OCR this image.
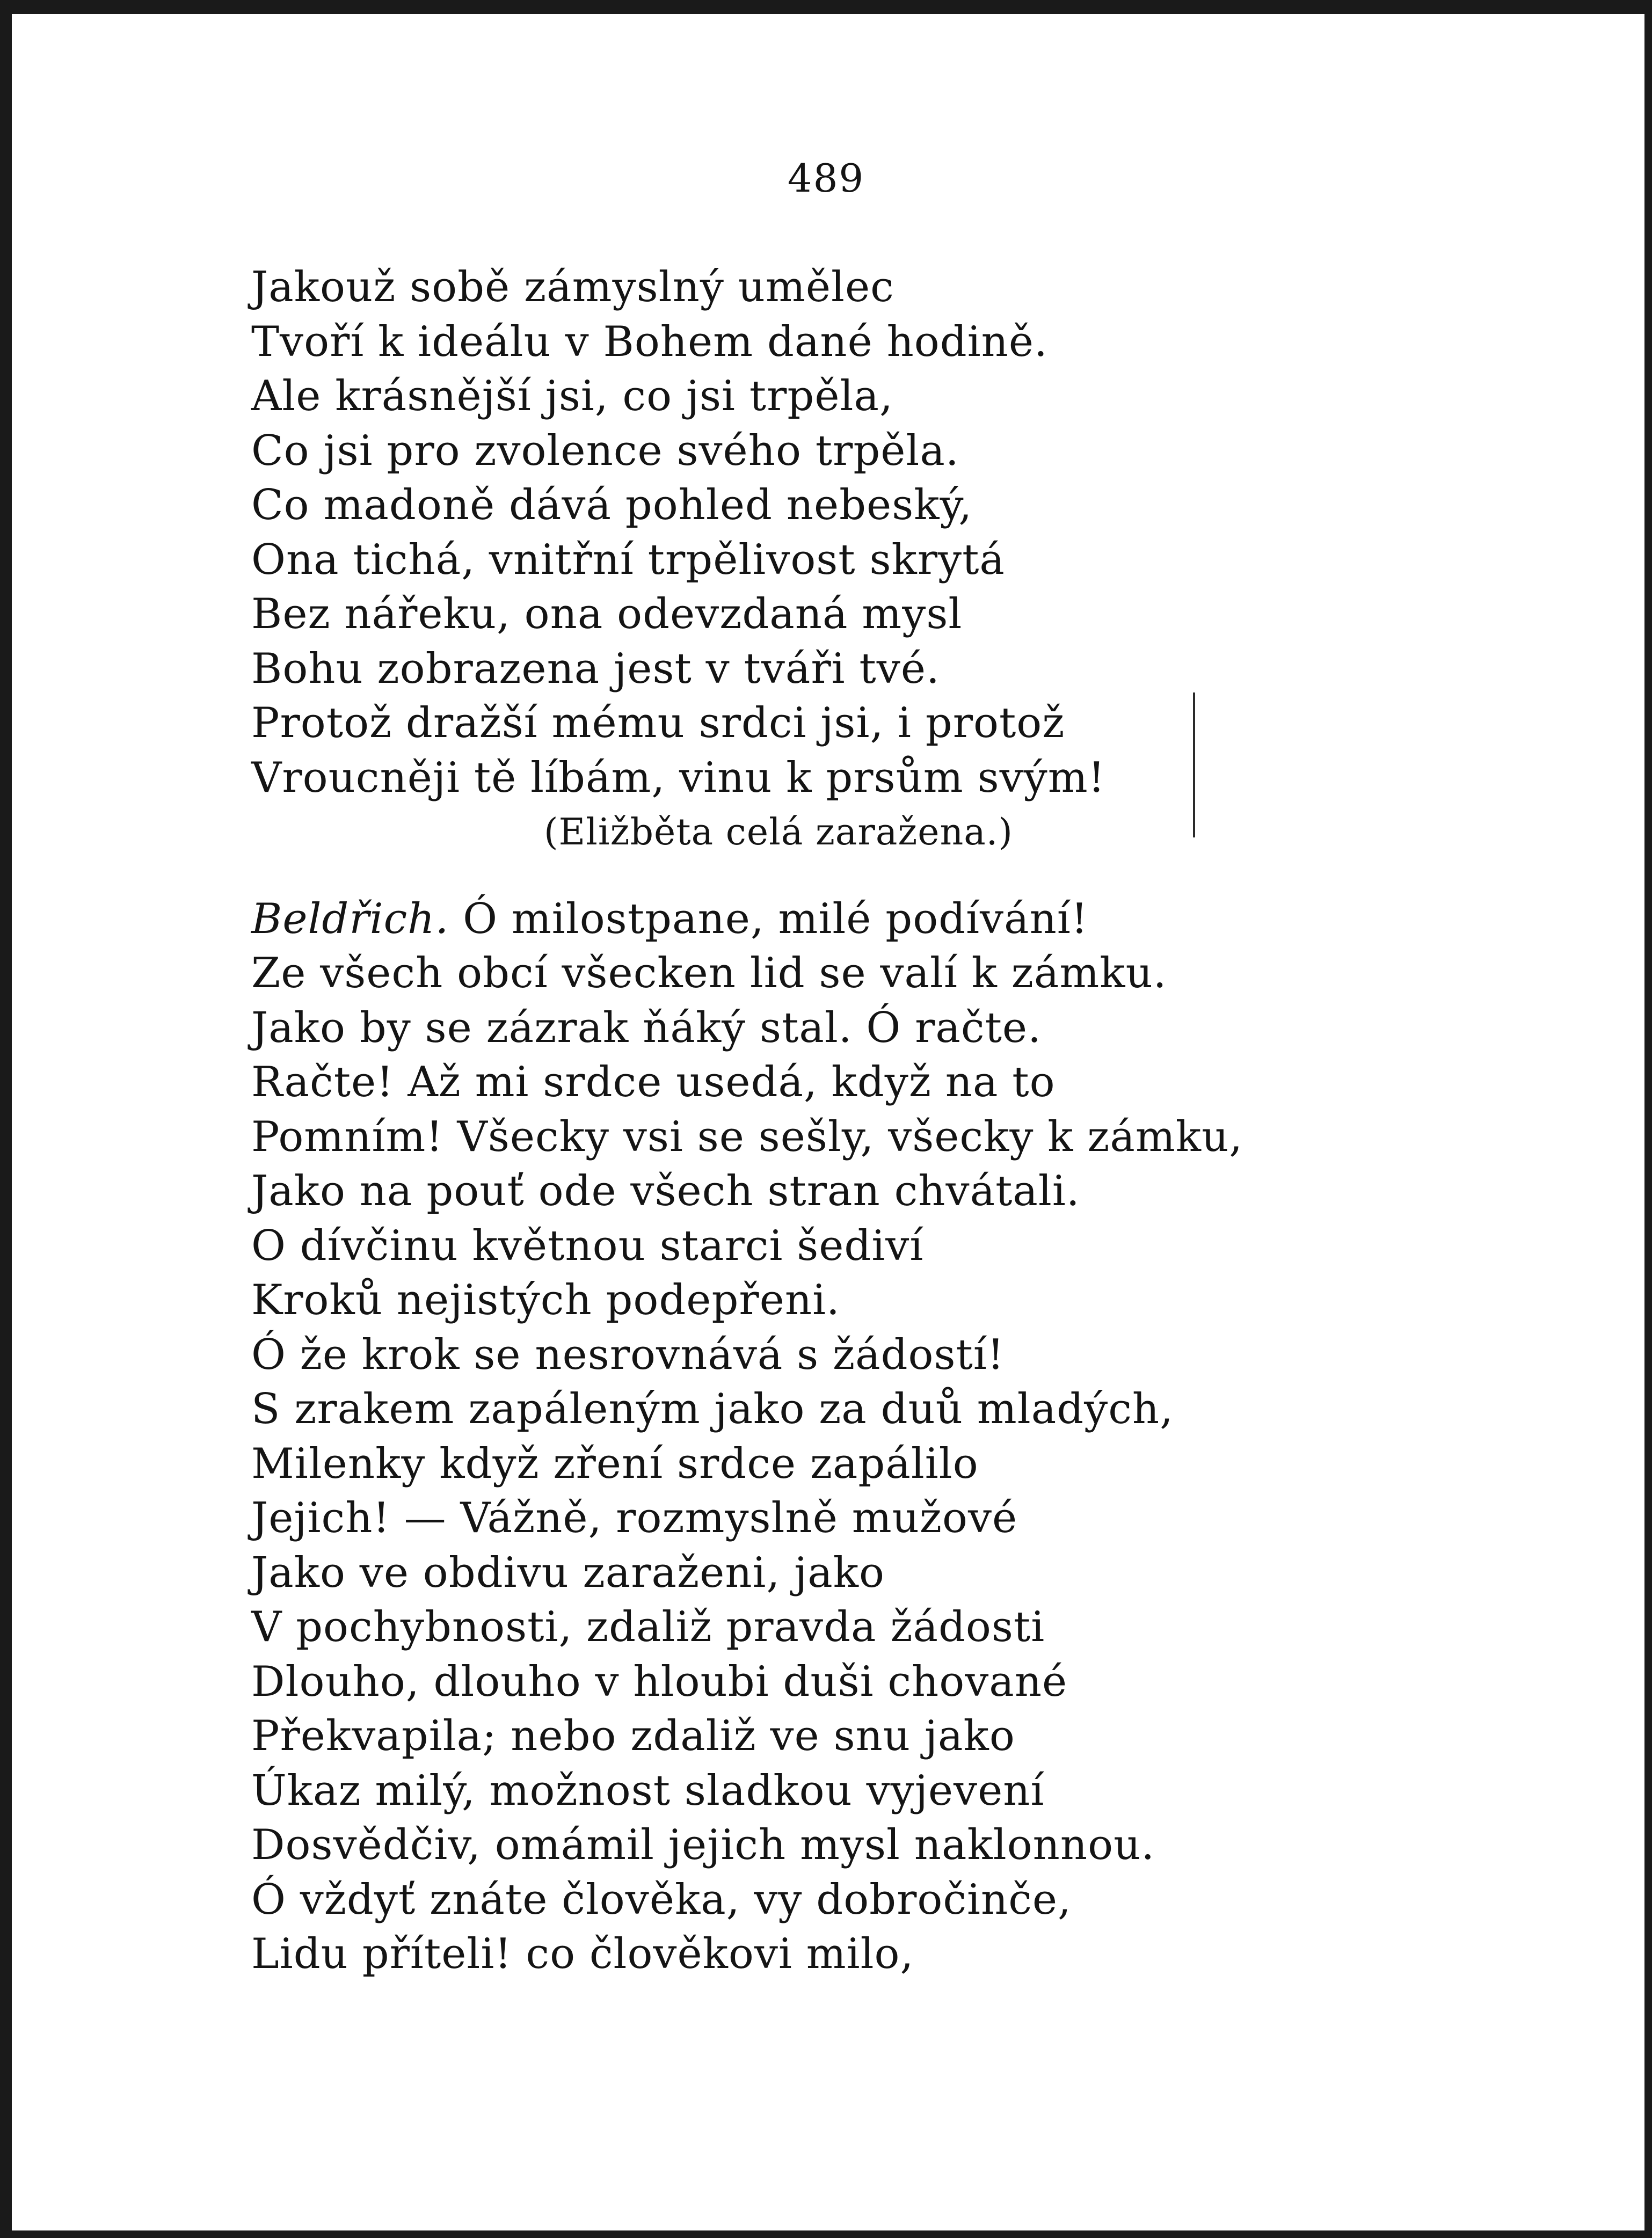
489
Jakouž sobě zámyslný umělec
Tvoří k ideálu v Bohem dané hodině.
Ale krásnější jsi, co jsi trpěla,
Co jsi pro zvolence svého trpěla.
Co madoně dává pohled nebeský,
Ona tichá, vnitřní trpělivost skrytá
Bez nářeku, ona odevzdaná mysl
Bohu zobrazena jest v tváři tvé.
Protož dražší mému srdci jsi, i protož
Vroucněji tě líbám, vinu k prsům svým!
(Eližběta celá zaražena.)
Beldřich. Ó milostpane, milé podívání!
Ze všech obcí všecken lid se valí k zámku.
Jako by se zázrak ňáký stal. Ó račte.
Račte! Až mi srdce usedá, když na to
Pomním! Všecky vsi se sešly, všecky k zámku,
Jako na pouť ode všech stran chvátali.
O dívčinu květnou starci šediví
Kroků nejistých podepřeni.
Ó že krok se nesrovnává s žádostí!
S zrakem zapáleným jako za duů mladých,
Milenky když zření srdce zapálilo
Jejich! — Vážně, rozmyslně mužové
Jako ve obdivu zaraženi, jako
V pochybnosti, zdaliž pravda žádosti
Dlouho, dlouho v hloubi duši chované
Překvapila; nebo zdaliž ve snu jako
Úkaz milý, možnost sladkou vyjevení
Dosvědčiv, omámil jejich mysl naklonnou.
Ó vždyť znáte člověka, vy dobročinče,
Lidu příteli! co člověkovi milo,
